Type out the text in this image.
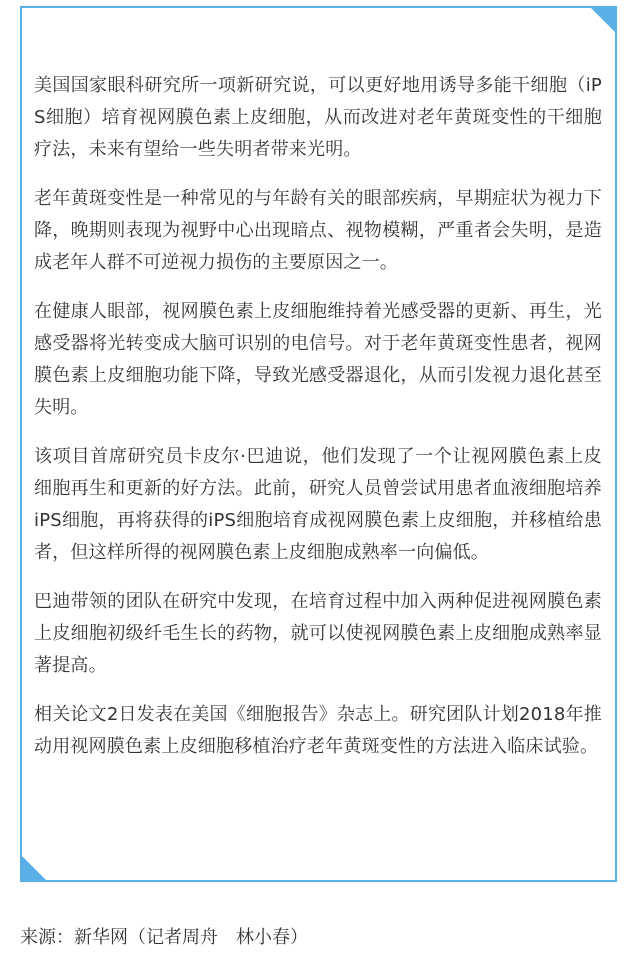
美国国家眼科研究所一项新研究说，可以更好地用诱导多能干细胞（iPS细胞）培育视网膜色素上皮细胞，从而改进对老年黄斑变性的干细胞疗法，未来有望给一些失明者带来光明。

老年黄斑变性是一种常见的与年龄有关的眼部疾病，早期症状为视力下降，晚期则表现为视野中心出现暗点、视物模糊，严重者会失明，是造成老年人群不可逆视力损伤的主要原因之一。

在健康人眼部，视网膜色素上皮细胞维持着光感受器的更新、再生，光感受器将光转变成大脑可识别的电信号。对于老年黄斑变性患者，视网膜色素上皮细胞功能下降，导致光感受器退化，从而引发视力退化甚至失明。

该项目首席研究员卡皮尔·巴迪说，他们发现了一个让视网膜色素上皮细胞再生和更新的好方法。此前，研究人员曾尝试用患者血液细胞培养iPS细胞，再将获得的iPS细胞培育成视网膜色素上皮细胞，并移植给患者，但这样所得的视网膜色素上皮细胞成熟率一向偏低。

巴迪带领的团队在研究中发现，在培育过程中加入两种促进视网膜色素上皮细胞初级纤毛生长的药物，就可以使视网膜色素上皮细胞成熟率显著提高。

相关论文2日发表在美国《细胞报告》杂志上。研究团队计划2018年推动用视网膜色素上皮细胞移植治疗老年黄斑变性的方法进入临床试验。

来源：新华网（记者周舟　林小春）
